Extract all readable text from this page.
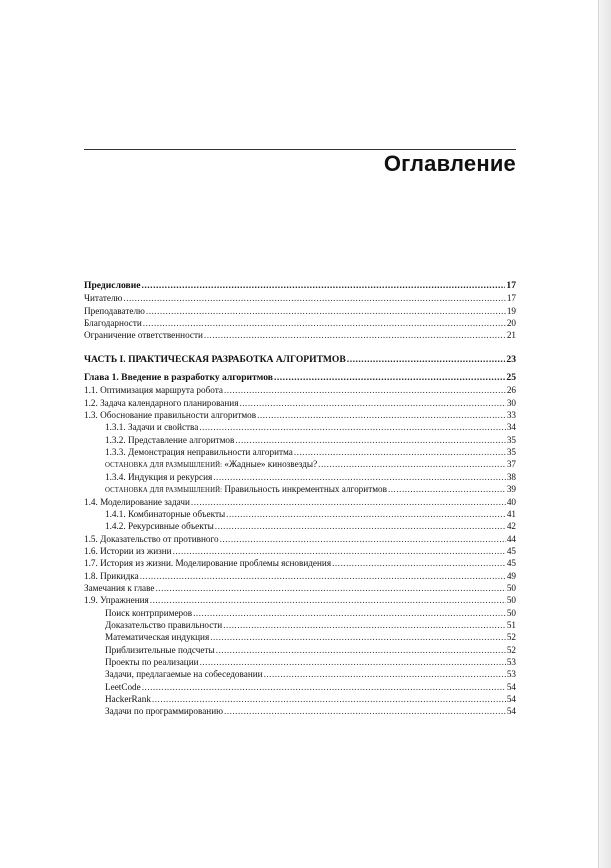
Оглавление
Предисловие .....	17
Читателю .....	17
Преподавателю .....	19
Благодарности .....	20
Ограничение ответственности .....	21
ЧАСТЬ I. ПРАКТИЧЕСКАЯ РАЗРАБОТКА АЛГОРИТМОВ .....	23
Глава 1. Введение в разработку алгоритмов .....	25
1.1. Оптимизация маршрута робота .....	26
1.2. Задача календарного планирования .....	30
1.3. Обоснование правильности алгоритмов .....	33
1.3.1. Задачи и свойства .....	34
1.3.2. Представление алгоритмов .....	35
1.3.3. Демонстрация неправильности алгоритма .....	35
ОСТАНОВКА ДЛЯ РАЗМЫШЛЕНИЙ: «Жадные» кинозвезды? .....	37
1.3.4. Индукция и рекурсия .....	38
ОСТАНОВКА ДЛЯ РАЗМЫШЛЕНИЙ: Правильность инкрементных алгоритмов .....	39
1.4. Моделирование задачи .....	40
1.4.1. Комбинаторные объекты .....	41
1.4.2. Рекурсивные объекты .....	42
1.5. Доказательство от противного .....	44
1.6. Истории из жизни .....	45
1.7. История из жизни. Моделирование проблемы ясновидения .....	45
1.8. Прикидка .....	49
Замечания к главе .....	50
1.9. Упражнения .....	50
Поиск контрпримеров .....	50
Доказательство правильности .....	51
Математическая индукция .....	52
Приблизительные подсчеты .....	52
Проекты по реализации .....	53
Задачи, предлагаемые на собеседовании .....	53
LeetCode .....	54
HackerRank .....	54
Задачи по программированию .....	54
